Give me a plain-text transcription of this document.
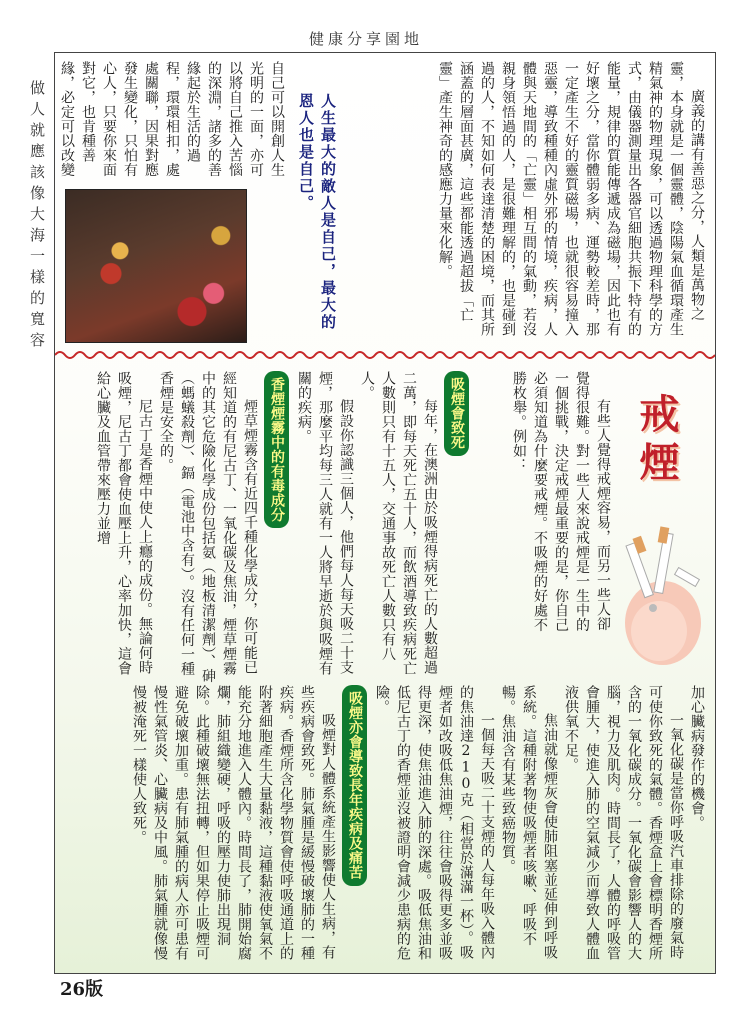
健康分享園地
做人就應該像大海一樣的寬容	廣義的講有善惡之分，人類是萬物之靈，本身就是一個靈體，陰陽氣血循環產生精氣神的物理現象，可以透過物理科學的方式，由儀器測量出各器官細胞共振下特有的能量，規律的質能傳遞成為磁場，因此也有好壞之分，當你體弱多病、運勢較差時，那一定產生不好的靈質磁場，也就很容易撞入惡靈，導致種種內虛外邪的情境，疾病，人體與天地間的「亡靈」相互間的氣動，若沒親身領悟過的人，是很難理解的，也是碰到過的人，不知如何表達清楚的困境，而其所涵蓋的層面甚廣，這些都能透過超拔「亡靈」產生神奇的感應力量來化解。

人生最大的敵人是自己，最大的恩人也是自己。
自己可以開創人生光明的一面，亦可以將自己推入苦惱的深淵，諸多的善緣起於生活的過程，環環相扣，處處關聯，因果對應發生變化，只怕有心人，只要你來面對它，也肯種善緣，必定可以改變
戒煙

有些人覺得戒煙容易，而另一些人卻覺得很難。對一些人來說戒煙是一生中的一個挑戰，決定戒煙最重要的是，你自己必須知道為什麼要戒煙。不吸煙的好處不勝枚舉。例如：

吸煙會致死

每年，在澳洲由於吸煙得病死亡的人數超過二萬，即每天死亡五十人，而飲酒導致疾病死亡人數則只有十五人，交通事故死亡人數只有八人。

假設你認識三個人，他們每人每天吸二十支煙，那麼平均每三人就有一人將早逝於與吸煙有關的疾病。

香煙煙霧中的有毒成分

煙草煙霧含有近四千種化學成分，你可能已經知道的有尼古丁、一氧化碳及焦油，煙草煙霧中的其它危險化學成份包括氨（地板清潔劑）、砷（螞蟻殺劑）、鎘（電池中含有）。沒有任何一種香煙是安全的。

尼古丁是香煙中使人上癮的成份。無論何時吸煙，尼古丁都會使血壓上升，心率加快，這會給心臟及血管帶來壓力並增

加心臟病發作的機會。

一氧化碳是當你呼吸汽車排除的廢氣時可使你致死的氣體。香煙盒上會標明香煙所含的一氧化碳成分。一氧化碳會影響人的大腦，視力及肌肉。時間長了，人體的呼吸管會腫大，使進入肺的空氣減少而導致人體血液供氧不足。

焦油就像煙灰會使肺阻塞並延伸到呼吸系統。這種附著物使吸煙者咳嗽、呼吸不暢。焦油含有某些致癌物質。

一個每天吸二十支煙的人每年吸入體內的焦油達210克（相當於滿滿一杯）。吸煙者如改吸低焦油煙，往往會吸得更多並吸得更深，使焦油進入肺的深處。吸低焦油和低尼古丁的香煙並沒被證明會減少患病的危險。

吸煙亦會導致長年疾病及痛苦

吸煙對人體系統產生影響使人生病，有些疾病會致死。肺氣腫是緩慢破壞肺的一種疾病。香煙所含化學物質會使呼吸通道上的附著細胞產生大量黏液，這種黏液使氧氣不能充分地進入人體內。時間長了，肺開始腐爛，肺組織變硬，呼吸的壓力使肺出現洞除。此種破壞無法扭轉，但如果停止吸煙可避免破壞加重。患有肺氣腫的病人亦可患有慢性氣管炎、心臟病及中風。肺氣腫就像慢慢被淹死一樣使人致死。

26版
